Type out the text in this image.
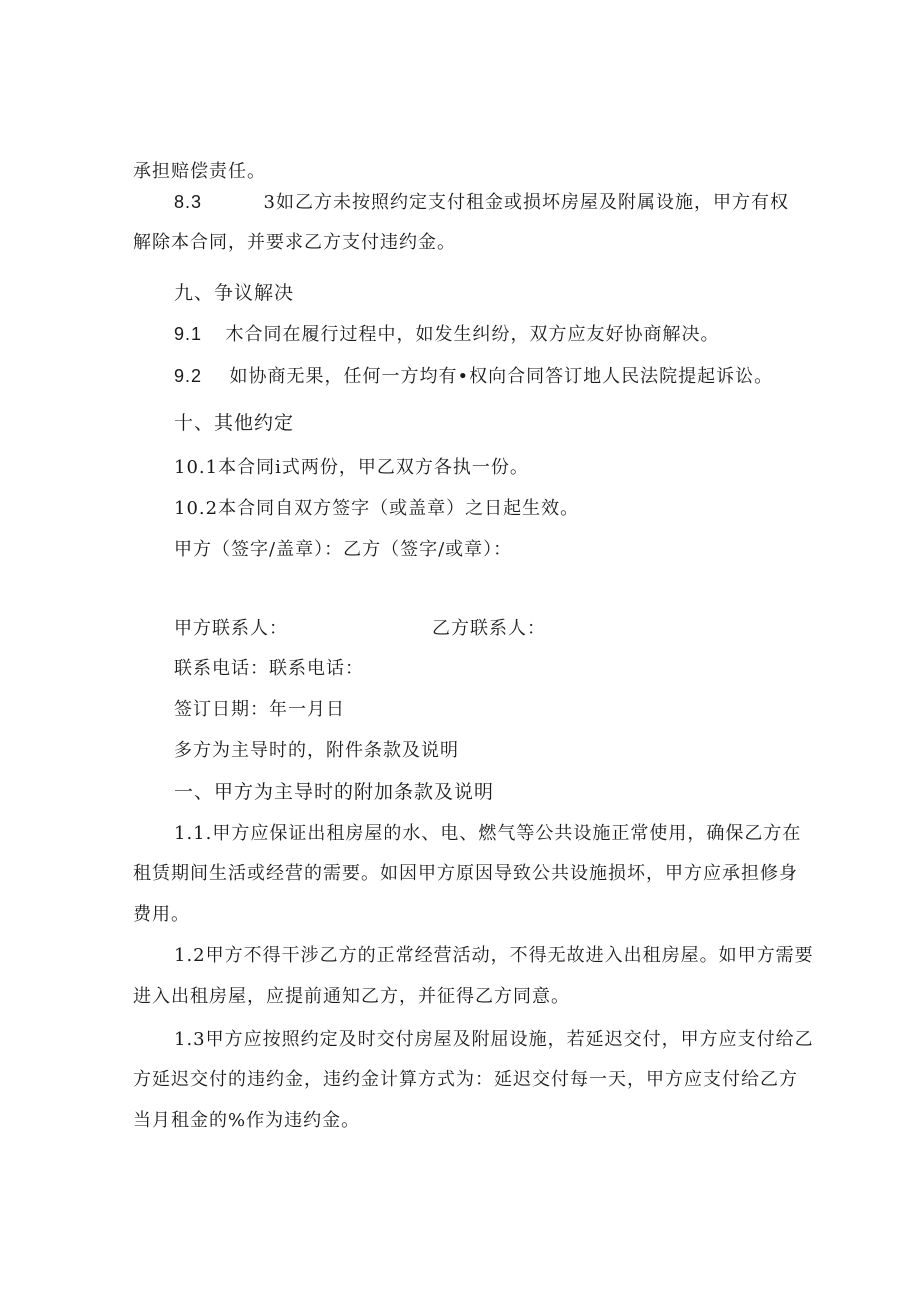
承担赔偿责任。
8.3	3如乙方未按照约定支付租金或损坏房屋及附属设施，甲方有权
解除本合同，并要求乙方支付违约金。
九、争议解决
9.1 木合同在履行过程中，如发生纠纷，双方应友好协商解决。
9.2 如协商无果，任何一方均有•权向合同答订地人民法院提起诉讼。
十、其他约定
10.1本合同i式两份，甲乙双方各执一份。
10.2本合同自双方签字（或盖章）之日起生效。
甲方（签字/盖章）：乙方（签字/或章）：
甲方联系人：	乙方联系人：
联系电话：联系电话：
签订日期：年一月日
多方为主导时的，附件条款及说明
一、甲方为主导时的附加条款及说明
1.1.甲方应保证出租房屋的水、电、燃气等公共设施正常使用，确保乙方在
租赁期间生活或经营的需要。如因甲方原因导致公共设施损坏，甲方应承担修身
费用。
1.2甲方不得干涉乙方的正常经营活动，不得无故进入出租房屋。如甲方需要
进入出租房屋，应提前通知乙方，并征得乙方同意。
1.3甲方应按照约定及时交付房屋及附屈设施，若延迟交付，甲方应支付给乙
方延迟交付的违约金，违约金计算方式为：延迟交付每一天，甲方应支付给乙方
当月租金的%作为违约金。
